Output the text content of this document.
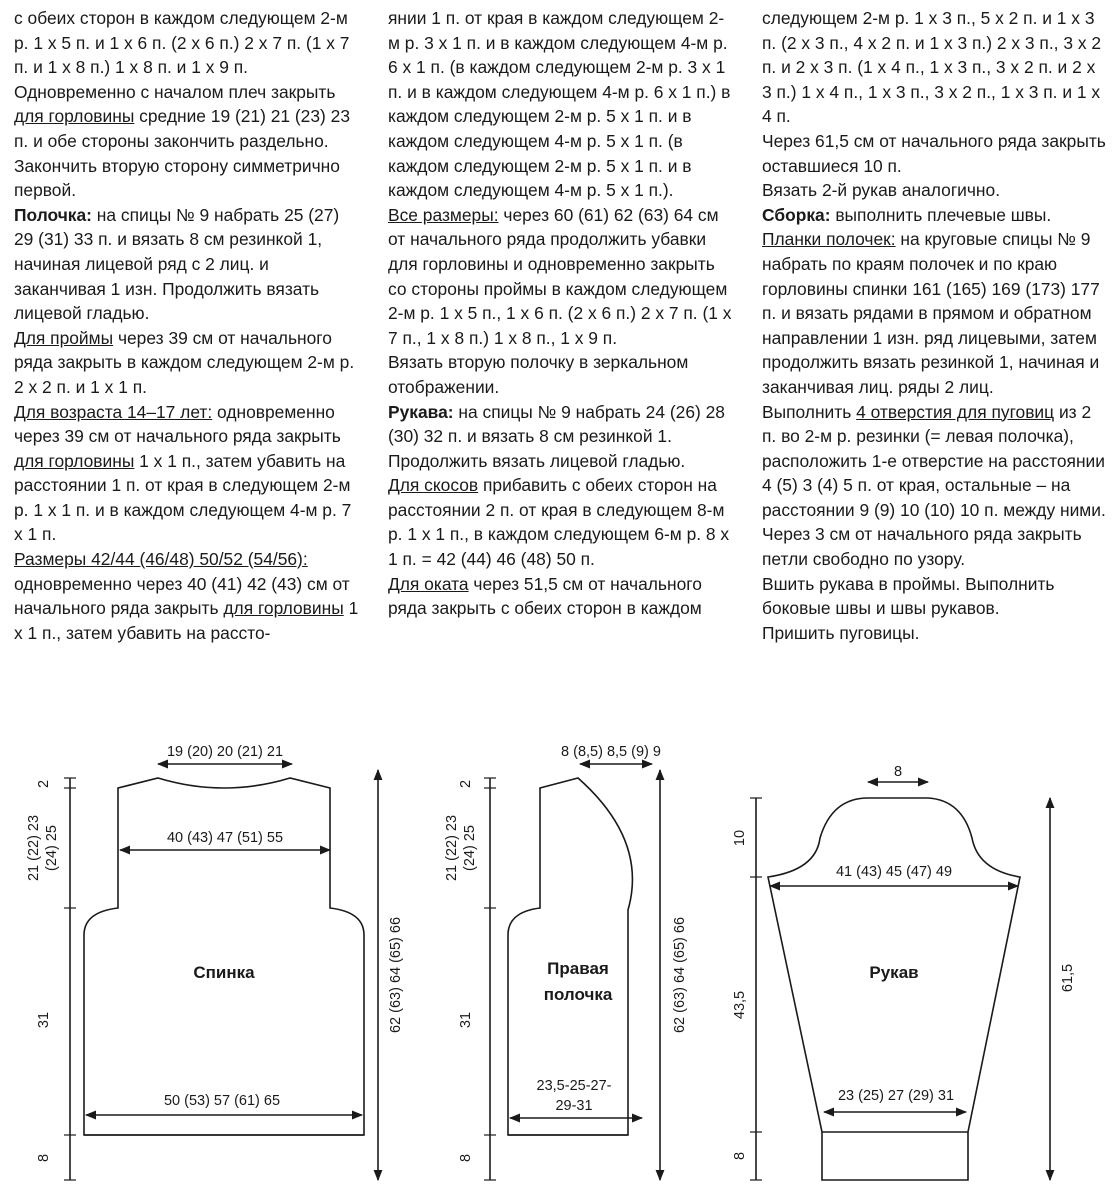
с обеих сторон в каждом следующем 2-м р. 1 х 5 п. и 1 х 6 п. (2 х 6 п.) 2 х 7 п. (1 х 7 п. и 1 х 8 п.) 1 х 8 п. и 1 х 9 п.

Одновременно с началом плеч закрыть для горловины средние 19 (21) 21 (23) 23 п. и обе стороны закончить раздельно.

Закончить вторую сторону симметрично первой.

Полочка: на спицы № 9 набрать 25 (27) 29 (31) 33 п. и вязать 8 см резинкой 1, начиная лицевой ряд с 2 лиц. и заканчивая 1 изн. Продолжить вязать лицевой гладью.

Для проймы через 39 см от начального ряда закрыть в каждом следующем 2-м р. 2 х 2 п. и 1 х 1 п.

Для возраста 14–17 лет: одновременно через 39 см от начального ряда закрыть для горловины 1 х 1 п., затем убавить на расстоянии 1 п. от края в следующем 2-м р. 1 х 1 п. и в каждом следующем 4-м р. 7 х 1 п.

Размеры 42/44 (46/48) 50/52 (54/56): одновременно через 40 (41) 42 (43) см от начального ряда закрыть для горловины 1 х 1 п., затем убавить на рассто-

янии 1 п. от края в каждом следующем 2-м р. 3 х 1 п. и в каждом следующем 4-м р. 6 х 1 п. (в каждом следующем 2-м р. 3 х 1 п. и в каждом следующем 4-м р. 6 х 1 п.) в каждом следующем 2-м р. 5 х 1 п. и в каждом следующем 4-м р. 5 х 1 п. (в каждом следующем 2-м р. 5 х 1 п. и в каждом следующем 4-м р. 5 х 1 п.).

Все размеры: через 60 (61) 62 (63) 64 см от начального ряда продолжить убавки для горловины и одновременно закрыть со стороны проймы в каждом следующем 2-м р. 1 х 5 п., 1 х 6 п. (2 х 6 п.) 2 х 7 п. (1 х 7 п., 1 х 8 п.) 1 х 8 п., 1 х 9 п.

Вязать вторую полочку в зеркальном отображении.

Рукава: на спицы № 9 набрать 24 (26) 28 (30) 32 п. и вязать 8 см резинкой 1. Продолжить вязать лицевой гладью.

Для скосов прибавить с обеих сторон на расстоянии 2 п. от края в следующем 8-м р. 1 х 1 п., в каждом следующем 6-м р. 8 х 1 п. = 42 (44) 46 (48) 50 п.

Для оката через 51,5 см от начального ряда закрыть с обеих сторон в каждом

следующем 2-м р. 1 х 3 п., 5 х 2 п. и 1 х 3 п. (2 х 3 п., 4 х 2 п. и 1 х 3 п.) 2 х 3 п., 3 х 2 п. и 2 х 3 п. (1 х 4 п., 1 х 3 п., 3 х 2 п. и 2 х 3 п.) 1 х 4 п., 1 х 3 п., 3 х 2 п., 1 х 3 п. и 1 х 4 п.

Через 61,5 см от начального ряда закрыть оставшиеся 10 п.

Вязать 2-й рукав аналогично.

Сборка: выполнить плечевые швы.

Планки полочек: на круговые спицы № 9 набрать по краям полочек и по краю горловины спинки 161 (165) 169 (173) 177 п. и вязать рядами в прямом и обратном направлении 1 изн. ряд лицевыми, затем продолжить вязать резинкой 1, начиная и заканчивая лиц. ряды 2 лиц.

Выполнить 4 отверстия для пуговиц из 2 п. во 2-м р. резинки (= левая полочка), расположить 1-е отверстие на расстоянии 4 (5) 3 (4) 5 п. от края, остальные – на расстоянии 9 (9) 10 (10) 10 п. между ними.

Через 3 см от начального ряда закрыть петли свободно по узору.

Вшить рукава в проймы. Выполнить боковые швы и швы рукавов.

Пришить пуговицы.

19 (20) 20 (21) 21
40 (43) 47 (51) 55
50 (53) 57 (61) 65
Спинка
2
21 (22) 23 (24) 25
31
8
62 (63) 64 (65) 66
8 (8,5) 8,5 (9) 9
Правая
полочка
23,5-25-27-
29-31
2
21 (22) 23 (24) 25
31
8
62 (63) 64 (65) 66
8
41 (43) 45 (47) 49
Рукав
23 (25) 27 (29) 31
10
43,5
8
61,5
